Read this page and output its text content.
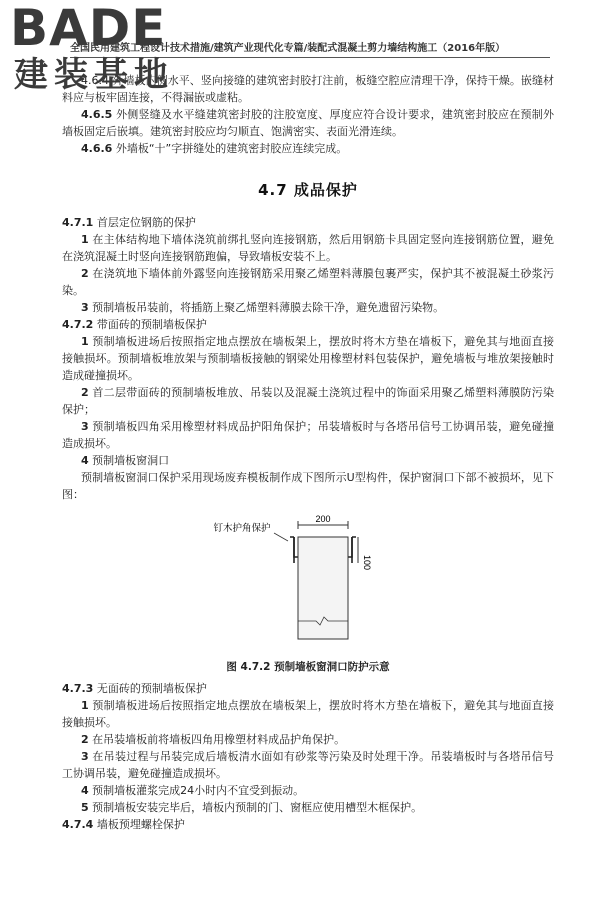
BADE
建装基地
全国民用建筑工程设计技术措施/建筑产业现代化专篇/装配式混凝土剪力墙结构施工（2016年版）

4.6.4 外墙板内侧水平、竖向接缝的建筑密封胶打注前，板缝空腔应清理干净，保持干燥。嵌缝材料应与板牢固连接，不得漏嵌或虚粘。

4.6.5 外侧竖缝及水平缝建筑密封胶的注胶宽度、厚度应符合设计要求，建筑密封胶应在预制外墙板固定后嵌填。建筑密封胶应均匀顺直、饱满密实、表面光滑连续。

4.6.6 外墙板“十”字拼缝处的建筑密封胶应连续完成。

4.7 成品保护

4.7.1 首层定位钢筋的保护

1 在主体结构地下墙体浇筑前绑扎竖向连接钢筋，然后用钢筋卡具固定竖向连接钢筋位置，避免在浇筑混凝土时竖向连接钢筋跑偏，导致墙板安装不上。

2 在浇筑地下墙体前外露竖向连接钢筋采用聚乙烯塑料薄膜包裹严实，保护其不被混凝土砂浆污染。

3 预制墙板吊装前，将插筋上聚乙烯塑料薄膜去除干净，避免遗留污染物。

4.7.2 带面砖的预制墙板保护

1 预制墙板进场后按照指定地点摆放在墙板架上，摆放时将木方垫在墙板下，避免其与地面直接接触损坏。预制墙板堆放架与预制墙板接触的钢梁处用橡塑材料包装保护，避免墙板与堆放架接触时造成碰撞损坏。

2 首二层带面砖的预制墙板堆放、吊装以及混凝土浇筑过程中的饰面采用聚乙烯塑料薄膜防污染保护；

3 预制墙板四角采用橡塑材料成品护阳角保护；吊装墙板时与各塔吊信号工协调吊装，避免碰撞造成损坏。

4 预制墙板窗洞口

预制墙板窗洞口保护采用现场废弃模板制作成下图所示U型构件，保护窗洞口下部不被损坏，见下图：

200
100
钉木护角保护
图 4.7.2 预制墙板窗洞口防护示意

4.7.3 无面砖的预制墙板保护

1 预制墙板进场后按照指定地点摆放在墙板架上，摆放时将木方垫在墙板下，避免其与地面直接接触损坏。

2 在吊装墙板前将墙板四角用橡塑材料成品护角保护。

3 在吊装过程与吊装完成后墙板清水面如有砂浆等污染及时处理干净。吊装墙板时与各塔吊信号工协调吊装，避免碰撞造成损坏。

4 预制墙板灌浆完成24小时内不宜受到振动。

5 预制墙板安装完毕后，墙板内预制的门、窗框应使用槽型木框保护。

4.7.4 墙板预埋螺栓保护
